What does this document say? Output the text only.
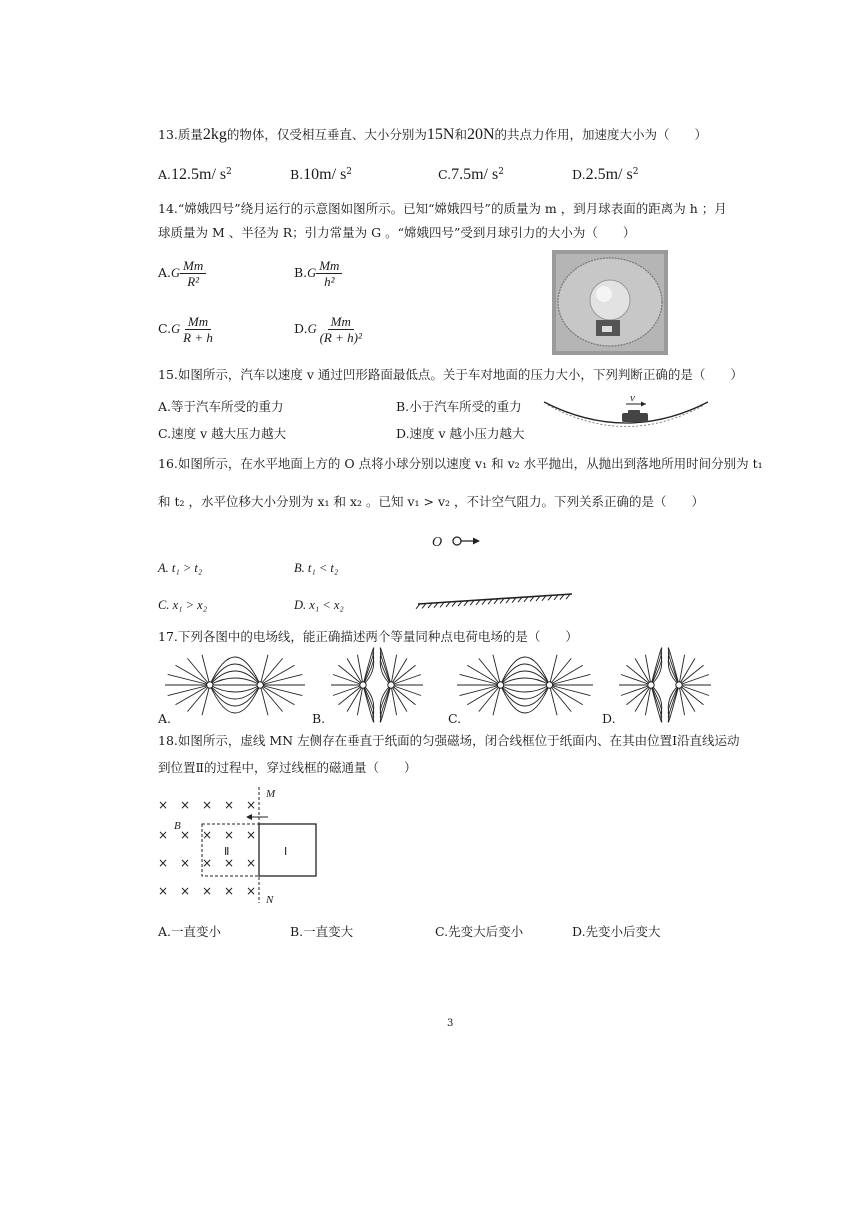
13.质量2kg的物体，仅受相互垂直、大小分别为15N和20N的共点力作用，加速度大小为（　　）
A.12.5m/ $s^2$	B.10m/ $s^2$	C.7.5m/ $s^2$	D.2.5m/ $s^2$
14.“嫦娥四号”绕月运行的示意图如图所示。已知“嫦娥四号”的质量为 m ，到月球表面的距离为 h ；月
球质量为 M 、半径为 R；引力常量为 G 。“嫦娥四号”受到月球引力的大小为（　　）
$A.G \frac{Mm}{\text{R²}}$	$B.G \frac{Mm}{\text{h²}}$
$C.G \frac{Mm}{R + h}$	$D.G \frac{Mm}{\text{(R + h)²}}$
15.如图所示，汽车以速度 v 通过凹形路面最低点。关于车对地面的压力大小，下列判断正确的是（　　）
A.等于汽车所受的重力	B.小于汽车所受的重力
C.速度 v 越大压力越大	D.速度 v 越小压力越大
v
16.如图所示，在水平地面上方的 O 点将小球分别以速度 v₁ 和 v₂ 水平抛出，从抛出到落地所用时间分别为 t₁
和 t₂ ，水平位移大小分别为 x₁ 和 x₂ 。已知 v₁ > v₂ ，不计空气阻力。下列关系正确的是（　　）
O
A. t₁ > t₂	B. t₁ < t₂
C. x₁ > x₂	D. x₁ < x₂
17.下列各图中的电场线，能正确描述两个等量同种点电荷电场的是（　　）
A.	B.	C.	D.
18.如图所示，虚线 MN 左侧存在垂直于纸面的匀强磁场，闭合线框位于纸面内、在其由位置Ⅰ沿直线运动
到位置Ⅱ的过程中，穿过线框的磁通量（　　）
× × × × ×
× × × × ×
× × × × ×
× × × × ×
M
N
B
Ⅱ	Ⅰ
A.一直变小	B.一直变大	C.先变大后变小	D.先变小后变大
3
